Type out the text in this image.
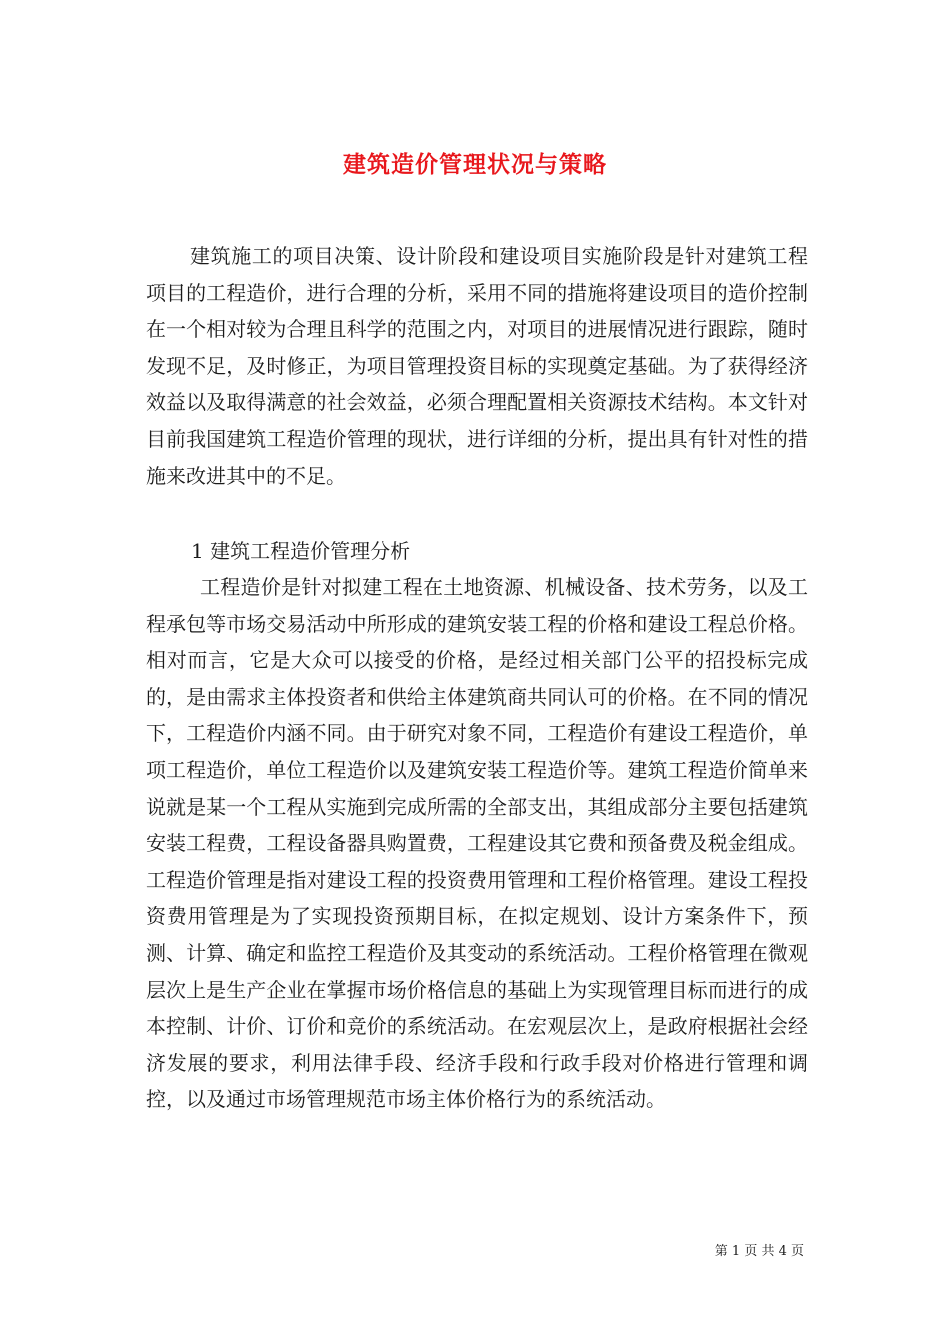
建筑造价管理状况与策略

建筑施工的项目决策、设计阶段和建设项目实施阶段是针对建筑工程项目的工程造价，进行合理的分析，采用不同的措施将建设项目的造价控制在一个相对较为合理且科学的范围之内，对项目的进展情况进行跟踪，随时发现不足，及时修正，为项目管理投资目标的实现奠定基础。为了获得经济效益以及取得满意的社会效益，必须合理配置相关资源技术结构。本文针对目前我国建筑工程造价管理的现状，进行详细的分析，提出具有针对性的措施来改进其中的不足。

1 建筑工程造价管理分析

工程造价是针对拟建工程在土地资源、机械设备、技术劳务，以及工程承包等市场交易活动中所形成的建筑安装工程的价格和建设工程总价格。相对而言，它是大众可以接受的价格，是经过相关部门公平的招投标完成的，是由需求主体投资者和供给主体建筑商共同认可的价格。在不同的情况下，工程造价内涵不同。由于研究对象不同，工程造价有建设工程造价，单项工程造价，单位工程造价以及建筑安装工程造价等。建筑工程造价简单来说就是某一个工程从实施到完成所需的全部支出，其组成部分主要包括建筑安装工程费，工程设备器具购置费，工程建设其它费和预备费及税金组成。工程造价管理是指对建设工程的投资费用管理和工程价格管理。建设工程投资费用管理是为了实现投资预期目标，在拟定规划、设计方案条件下，预测、计算、确定和监控工程造价及其变动的系统活动。工程价格管理在微观层次上是生产企业在掌握市场价格信息的基础上为实现管理目标而进行的成本控制、计价、订价和竞价的系统活动。在宏观层次上，是政府根据社会经济发展的要求，利用法律手段、经济手段和行政手段对价格进行管理和调控，以及通过市场管理规范市场主体价格行为的系统活动。

第 1 页 共 4 页
